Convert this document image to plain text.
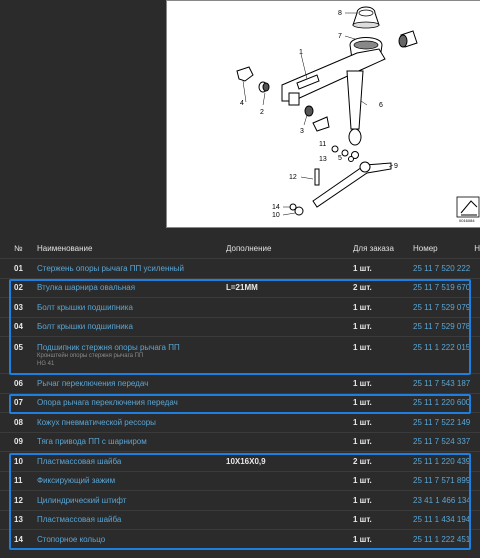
8
7
1
2
4
3
6
11
13 5
9
12
14
10
0016084
№	Наименование	Дополнение	Для заказа	Номер	Н
01	Стержень опоры рычага ПП усиленный		1 шт.	25 11 7 520 222	
02	Втулка шарнира овальная	L=21MM	2 шт.	25 11 7 519 670	
03	Болт крышки подшипника		1 шт.	25 11 7 529 079	
04	Болт крышки подшипника		1 шт.	25 11 7 529 078	
05	Подшипник стержня опоры рычага ПП
Кронштейн опоры стержня рычага ПП
HG 41		1 шт.	25 11 1 222 015	
06	Рычаг переключения передач		1 шт.	25 11 7 543 187	
07	Опора рычага переключения передач		1 шт.	25 11 1 220 600	
08	Кожух пневматической рессоры		1 шт.	25 11 7 522 149	
09	Тяга привода ПП с шарниром		1 шт.	25 11 7 524 337	
10	Пластмассовая шайба	10X16X0,9	2 шт.	25 11 1 220 439	
11	Фиксирующий зажим		1 шт.	25 11 7 571 899	
12	Цилиндрический штифт		1 шт.	23 41 1 466 134	
13	Пластмассовая шайба		1 шт.	25 11 1 434 194	
14	Стопорное кольцо		1 шт.	25 11 1 222 451	
